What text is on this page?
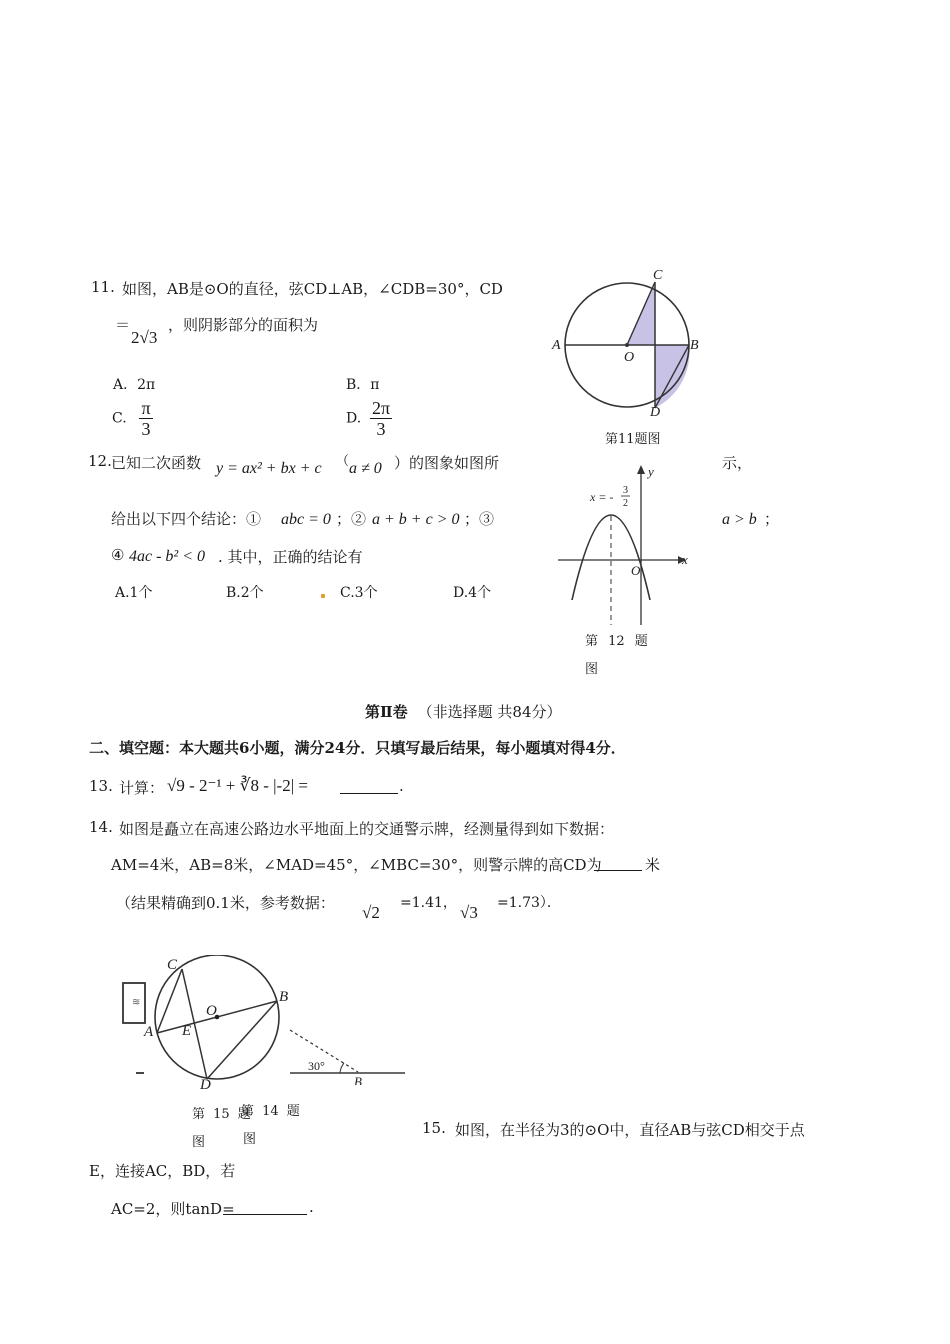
11. 如图，AB是⊙O的直径，弦CD⊥AB，∠CDB=30°，CD
＝
2√3
，则阴影部分的面积为
A．2π	B．π
C. $\frac{\pi}{3}$	D. $\frac{2\pi}{3}$
A	B
C
D
O
第11题图
12. 已知二次函数 y = ax² + bx + c （ a ≠ 0 ）的图象如图所	示，
给出以下四个结论：① abc = 0 ；② a + b + c > 0 ；③	a > b ；
④ 4ac - b² < 0 . 其中，正确的结论有
A.1个	B.2个	C.3个	D.4个
x = - 3
2
x
y
O
第 12 题
图
第Ⅱ卷 （非选择题 共84分）
二、填空题：本大题共6小题，满分24分．只填写最后结果，每小题填对得4分．
13. 计算： √9 - 2⁻¹ + ∛8 - |-2| =	.
14. 如图是矗立在高速公路边水平地面上的交通警示牌，经测量得到如下数据：
AM=4米，AB=8米，∠MAD=45°，∠MBC=30°，则警示牌的高CD为	米
（结果精确到0.1米，参考数据： √2 =1.41， √3 =1.73）．
≋
30°
B
第 14 题
图
C
A
B
O
E
D
第 15 题
图
15. 如图，在半径为3的⊙O中，直径AB与弦CD相交于点
E，连接AC，BD，若
AC=2，则tanD=	.
